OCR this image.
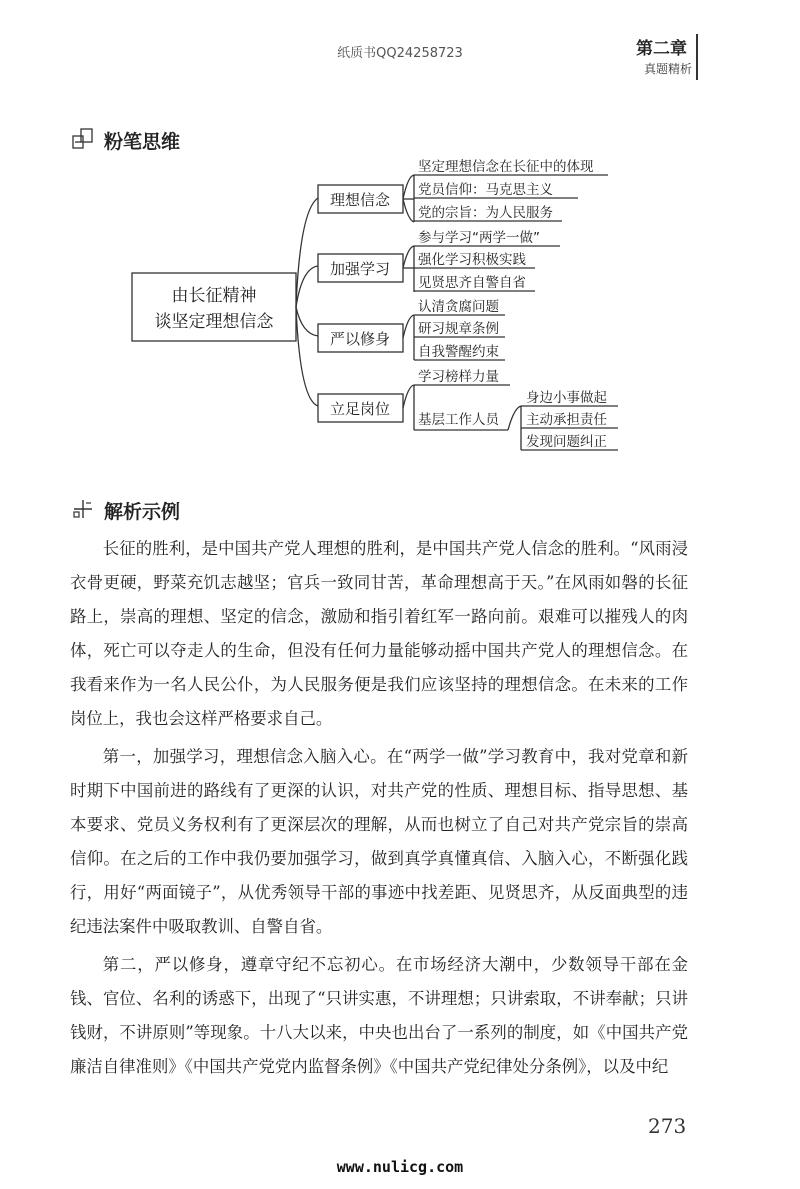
纸质书QQ24258723	第二章
真题精析
粉笔思维
由长征精神
谈坚定理想信念
理想信念
加强学习
严以修身
立足岗位
坚定理想信念在长征中的体现
党员信仰：马克思主义
党的宗旨：为人民服务
参与学习“两学一做”
强化学习积极实践
见贤思齐自警自省
认清贪腐问题
研习规章条例
自我警醒约束
学习榜样力量
基层工作人员
身边小事做起
主动承担责任
发现问题纠正
解析示例

长征的胜利，是中国共产党人理想的胜利，是中国共产党人信念的胜利。“风雨浸衣骨更硬，野菜充饥志越坚；官兵一致同甘苦，革命理想高于天。”在风雨如磐的长征路上，崇高的理想、坚定的信念，激励和指引着红军一路向前。艰难可以摧残人的肉体，死亡可以夺走人的生命，但没有任何力量能够动摇中国共产党人的理想信念。在我看来作为一名人民公仆，为人民服务便是我们应该坚持的理想信念。在未来的工作岗位上，我也会这样严格要求自己。

第一，加强学习，理想信念入脑入心。在“两学一做”学习教育中，我对党章和新时期下中国前进的路线有了更深的认识，对共产党的性质、理想目标、指导思想、基本要求、党员义务权利有了更深层次的理解，从而也树立了自己对共产党宗旨的崇高信仰。在之后的工作中我仍要加强学习，做到真学真懂真信、入脑入心，不断强化践行，用好“两面镜子”，从优秀领导干部的事迹中找差距、见贤思齐，从反面典型的违纪违法案件中吸取教训、自警自省。

第二，严以修身，遵章守纪不忘初心。在市场经济大潮中，少数领导干部在金钱、官位、名利的诱惑下，出现了“只讲实惠，不讲理想；只讲索取，不讲奉献；只讲钱财，不讲原则”等现象。十八大以来，中央也出台了一系列的制度，如《中国共产党廉洁自律准则》《中国共产党党内监督条例》《中国共产党纪律处分条例》，以及中纪

273
www.nulicg.com
